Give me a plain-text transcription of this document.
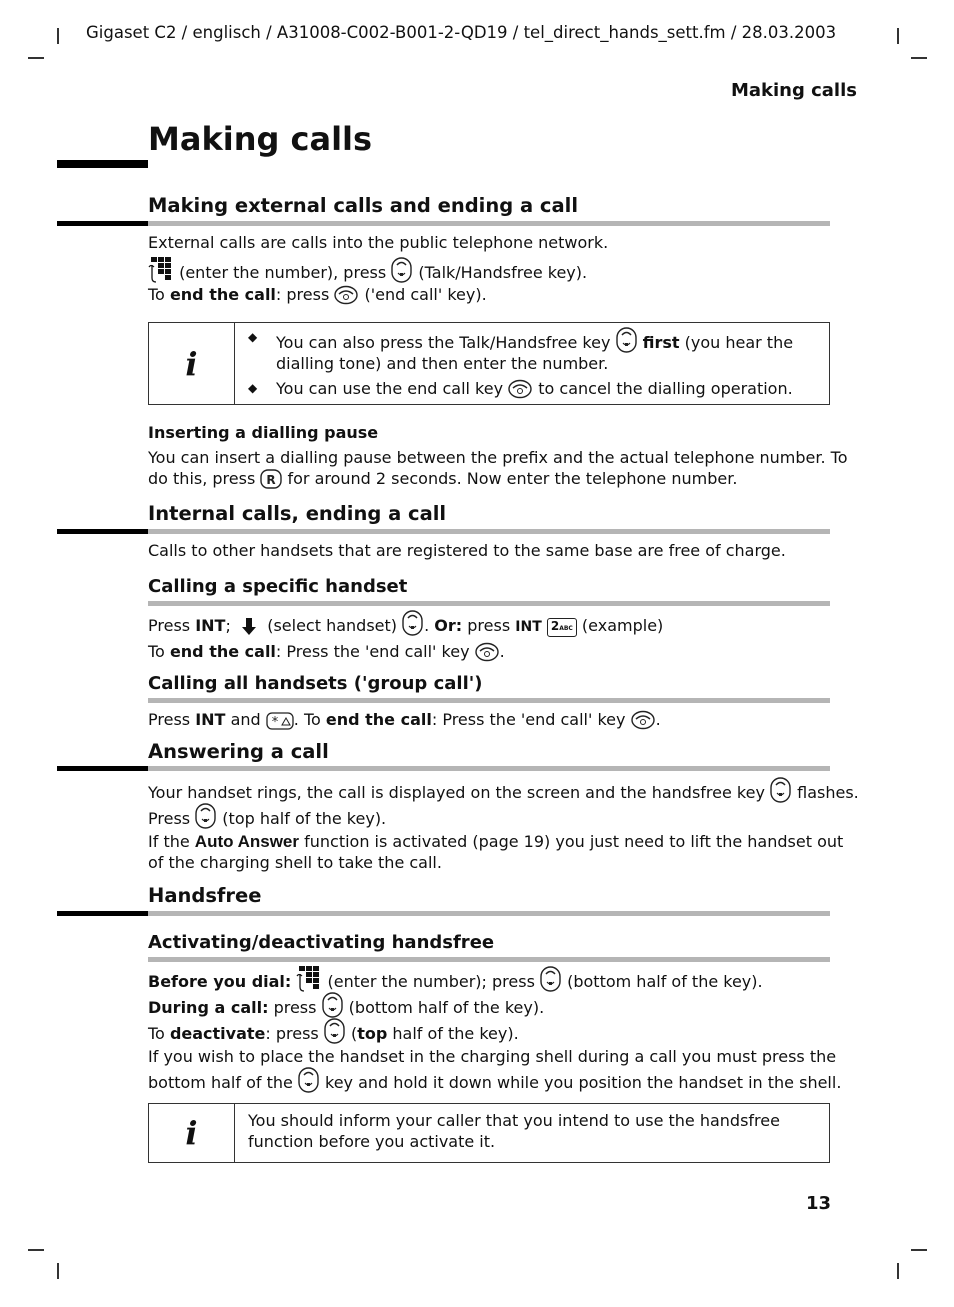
Gigaset C2 / englisch / A31008-C002-B001-2-QD19 / tel_direct_hands_sett.fm / 28.03.2003
Making calls
Making calls
Making external calls and ending a call
External calls are calls into the public telephone network.
(enter the number), press (Talk/Handsfree key).
To end the call: press ('end call' key).
i
◆	You can also press the Talk/Handsfree key first (you hear the
dialling tone) and then enter the number.
◆	You can use the end call key to cancel the dialling operation.
Inserting a dialling pause
You can insert a dialling pause between the prefix and the actual telephone number. To
do this, press R for around 2 seconds. Now enter the telephone number.
Internal calls, ending a call
Calls to other handsets that are registered to the same base are free of charge.
Calling a specific handset
Press INT; (select handset) . Or: press INT 2ABC (example)
To end the call: Press the 'end call' key .
Calling all handsets ('group call')
Press INT and * . To end the call: Press the 'end call' key .
Answering a call
Your handset rings, the call is displayed on the screen and the handsfree key flashes.
Press (top half of the key).
If the Auto Answer function is activated (page 19) you just need to lift the handset out
of the charging shell to take the call.
Handsfree
Activating/deactivating handsfree
Before you dial: (enter the number); press (bottom half of the key).
During a call: press (bottom half of the key).
To deactivate: press (top half of the key).
If you wish to place the handset in the charging shell during a call you must press the
bottom half of the key and hold it down while you position the handset in the shell.
i	You should inform your caller that you intend to use the handsfree function before you activate it.
13
